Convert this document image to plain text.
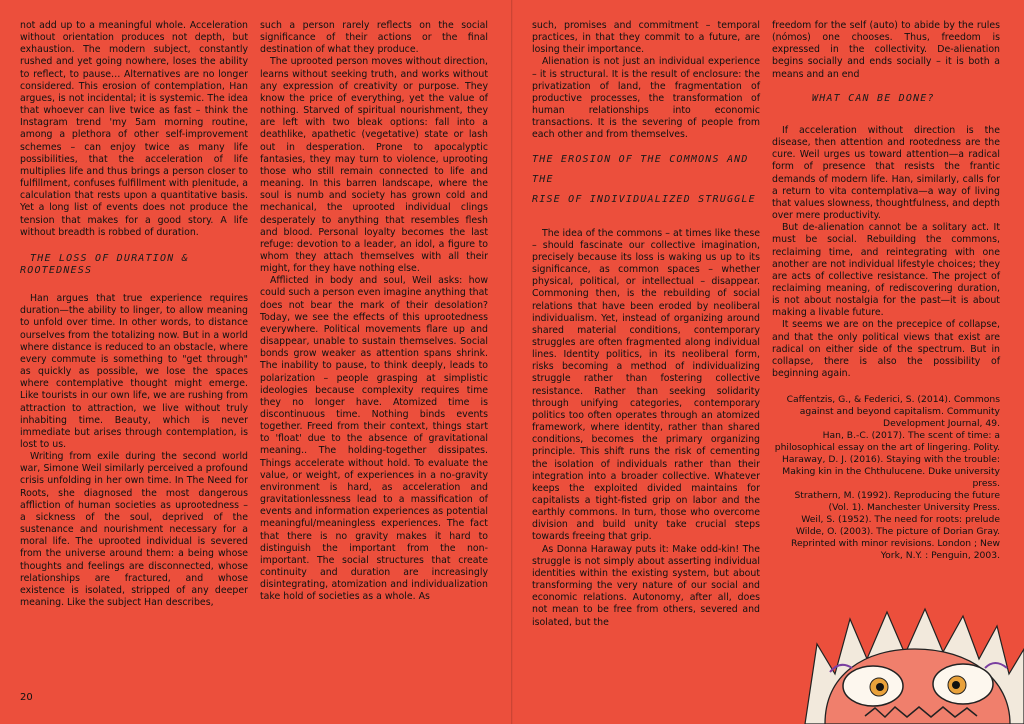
not add up to a meaningful whole. Acceleration without orientation produces not depth, but exhaustion. The modern subject, constantly rushed and yet going nowhere, loses the ability to reflect, to pause… Alternatives are no longer considered. This erosion of contemplation, Han argues, is not incidental; it is systemic. The idea that whoever can live twice as fast – think the Instagram trend 'my 5am morning routine, among a plethora of other self-improvement schemes – can enjoy twice as many life possibilities, that the acceleration of life multiplies life and thus brings a person closer to fulfillment, confuses fulfillment with plenitude, a calculation that rests upon a quantitative basis. Yet a long list of events does not produce the tension that makes for a good story. A life without breadth is robbed of duration.

THE LOSS OF DURATION & ROOTEDNESS

Han argues that true experience requires duration—the ability to linger, to allow meaning to unfold over time. In other words, to distance ourselves from the totalizing now. But in a world where distance is reduced to an obstacle, where every commute is something to "get through" as quickly as possible, we lose the spaces where contemplative thought might emerge. Like tourists in our own life, we are rushing from attraction to attraction, we live without truly inhabiting time. Beauty, which is never immediate but arises through contemplation, is lost to us.

Writing from exile during the second world war, Simone Weil similarly perceived a profound crisis unfolding in her own time. In The Need for Roots, she diagnosed the most dangerous affliction of human societies as uprootedness – a sickness of the soul, deprived of the sustenance and nourishment necessary for a moral life. The uprooted individual is severed from the universe around them: a being whose thoughts and feelings are disconnected, whose relationships are fractured, and whose existence is isolated, stripped of any deeper meaning. Like the subject Han describes,

such a person rarely reflects on the social significance of their actions or the final destination of what they produce.

The uprooted person moves without direction, learns without seeking truth, and works without any expression of creativity or purpose. They know the price of everything, yet the value of nothing. Starved of spiritual nourishment, they are left with two bleak options: fall into a deathlike, apathetic (vegetative) state or lash out in desperation. Prone to apocalyptic fantasies, they may turn to violence, uprooting those who still remain connected to life and meaning. In this barren landscape, where the soul is numb and society has grown cold and mechanical, the uprooted individual clings desperately to anything that resembles flesh and blood. Personal loyalty becomes the last refuge: devotion to a leader, an idol, a figure to whom they attach themselves with all their might, for they have nothing else.

Afflicted in body and soul, Weil asks: how could such a person even imagine anything that does not bear the mark of their desolation? Today, we see the effects of this uprootedness everywhere. Political movements flare up and disappear, unable to sustain themselves. Social bonds grow weaker as attention spans shrink. The inability to pause, to think deeply, leads to polarization – people grasping at simplistic ideologies because complexity requires time they no longer have. Atomized time is discontinuous time. Nothing binds events together. Freed from their context, things start to 'float' due to the absence of gravitational meaning.. The holding-together dissipates. Things accelerate without hold. To evaluate the value, or weight, of experiences in a no-gravity environment is hard, as acceleration and gravitationlessness lead to a massification of events and information experiences as potential meaningful/meaningless experiences. The fact that there is no gravity makes it hard to distinguish the important from the non-important. The social structures that create continuity and duration are increasingly disintegrating, atomization and individualization take hold of societies as a whole. As

such, promises and commitment – temporal practices, in that they commit to a future, are losing their importance.

Alienation is not just an individual experience – it is structural. It is the result of enclosure: the privatization of land, the fragmentation of productive processes, the transformation of human relationships into economic transactions. It is the severing of people from each other and from themselves.

THE EROSION OF THE COMMONS AND THE
RISE OF INDIVIDUALIZED STRUGGLE

The idea of the commons – at times like these – should fascinate our collective imagination, precisely because its loss is waking us up to its significance, as common spaces – whether physical, political, or intellectual – disappear. Commoning then, is the rebuilding of social relations that have been eroded by neoliberal individualism. Yet, instead of organizing around shared material conditions, contemporary struggles are often fragmented along individual lines. Identity politics, in its neoliberal form, risks becoming a method of individualizing struggle rather than fostering collective resistance. Rather than seeking solidarity through unifying categories, contemporary politics too often operates through an atomized framework, where identity, rather than shared conditions, becomes the primary organizing principle. This shift runs the risk of cementing the isolation of individuals rather than their integration into a broader collective. Whatever keeps the exploited divided maintains for capitalists a tight-fisted grip on labor and the earthly commons. In turn, those who overcome division and build unity take crucial steps towards freeing that grip.

As Donna Haraway puts it: Make odd-kin! The struggle is not simply about asserting individual identities within the existing system, but about transforming the very nature of our social and economic relations. Autonomy, after all, does not mean to be free from others, severed and isolated, but the

freedom for the self (auto) to abide by the rules (nómos) one chooses. Thus, freedom is expressed in the collectivity. De-alienation begins socially and ends socially – it is both a means and an end

WHAT CAN BE DONE?

If acceleration without direction is the disease, then attention and rootedness are the cure. Weil urges us toward attention—a radical form of presence that resists the frantic demands of modern life. Han, similarly, calls for a return to vita contemplativa—a way of living that values slowness, thoughtfulness, and depth over mere productivity.

But de-alienation cannot be a solitary act. It must be social. Rebuilding the commons, reclaiming time, and reintegrating with one another are not individual lifestyle choices; they are acts of collective resistance. The project of reclaiming meaning, of rediscovering duration, is not about nostalgia for the past—it is about making a livable future.

It seems we are on the precepice of collapse, and that the only political views that exist are radical on either side of the spectrum. But in collapse, there is also the possibility of beginning again.

Caffentzis, G., & Federici, S. (2014). Commons against and beyond capitalism. Community Development Journal, 49.

Han, B.-C. (2017). The scent of time: a philosophical essay on the art of lingering. Polity.

Haraway, D. J. (2016). Staying with the trouble: Making kin in the Chthulucene. Duke university press.

Strathern, M. (1992). Reproducing the future (Vol. 1). Manchester University Press.

Weil, S. (1952). The need for roots: prelude

Wilde, O. (2003). The picture of Dorian Gray. Reprinted with minor revisions. London ; New York, N.Y. : Penguin, 2003.

20
